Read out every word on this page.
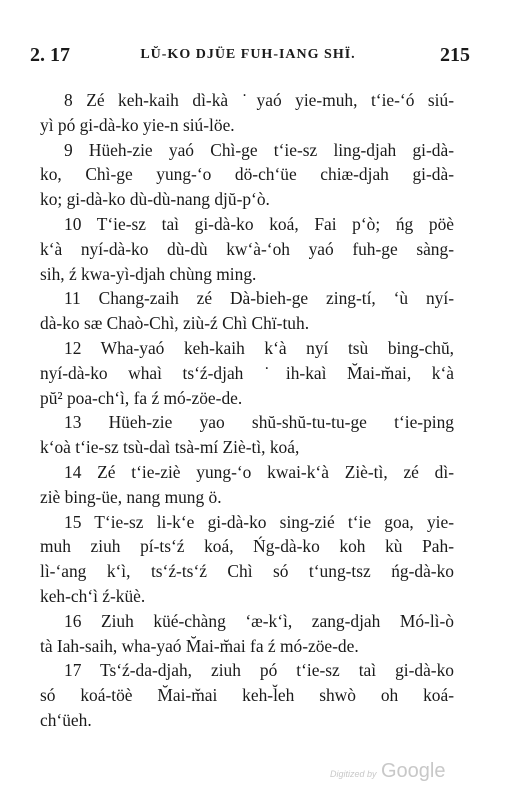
2. 17	LŬ-KO DJÜE FUH-IANG SHÏ.	215
8 Zé keh-kaih dì-kà ˙yaó yie-muh, t‘ie-‘ó siú-
yì pó gi-dà-ko yie-n siú-löe.
9 Hüeh-zie yaó Chì-ge t‘ie-sz ling-djah gi-dà-
ko, Chì-ge yung-‘o dö-ch‘üe chiæ-djah gi-dà-
ko; gi-dà-ko dù-dù-nang djŭ-p‘ò.
10 T‘ie-sz taì gi-dà-ko koá, Fai p‘ò; ńg pöè
k‘à nyí-dà-ko dù-dù kw‘à-‘oh yaó fuh-ge sàng-
sih, ź kwa-yì-djah chùng ming.
11 Chang-zaih zé Dà-bieh-ge zing-tí, ‘ù nyí-
dà-ko sæ Chaò-Chì, ziù-ź Chì Chï-tuh.
12 Wha-yaó keh-kaih k‘à nyí tsù bing-chŭ,
nyí-dà-ko whaì ts‘ź-djah ˙ih-kaì M̆ai-m̆ai, k‘à
pŭ² poa-ch‘ì, fa ź mó-zöe-de.
13 Hüeh-zie yao shŭ-shŭ-tu-tu-ge t‘ie-ping
k‘oà t‘ie-sz tsù-daì tsà-mí Ziè-tì, koá,
14 Zé t‘ie-ziè yung-‘o kwai-k‘à Ziè-tì, zé dì-
ziè bing-üe, nang mung ö.
15 T‘ie-sz li-k‘e gi-dà-ko sing-zié t‘ie goa, yie-
muh ziuh pí-ts‘ź koá, Ńg-dà-ko koh kù Pah-
lì-‘ang k‘ì, ts‘ź-ts‘ź Chì só t‘ung-tsz ńg-dà-ko
keh-ch‘ì ź-küè.
16 Ziuh küé-chàng ‘æ-k‘ì, zang-djah Mó-lì-ò
tà Iah-saih, wha-yaó M̆ai-m̆ai fa ź mó-zöe-de.
17 Ts‘ź-da-djah, ziuh pó t‘ie-sz taì gi-dà-ko
só koá-töè M̆ai-m̆ai keh-l̆eh shwò oh koá-
ch‘üeh.
Digitized by Google
